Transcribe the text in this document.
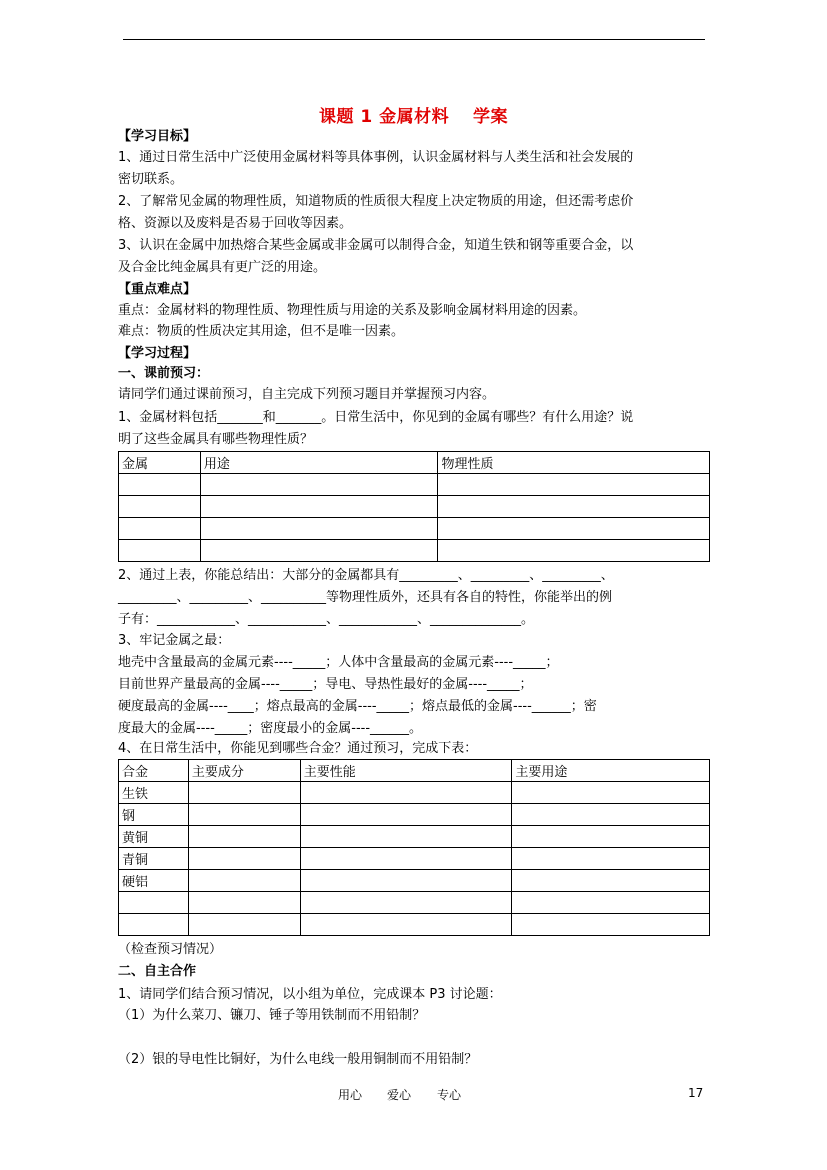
课题 1 金属材料　 学案
【学习目标】
1、通过日常生活中广泛使用金属材料等具体事例，认识金属材料与人类生活和社会发展的
密切联系。
2、了解常见金属的物理性质，知道物质的性质很大程度上决定物质的用途，但还需考虑价
格、资源以及废料是否易于回收等因素。
3、认识在金属中加热熔合某些金属或非金属可以制得合金，知道生铁和钢等重要合金，以
及合金比纯金属具有更广泛的用途。
【重点难点】
重点：金属材料的物理性质、物理性质与用途的关系及影响金属材料用途的因素。
难点：物质的性质决定其用途，但不是唯一因素。
【学习过程】
一、课前预习：
请同学们通过课前预习，自主完成下列预习题目并掌握预习内容。
1、金属材料包括_______和_______。日常生活中，你见到的金属有哪些？有什么用途？说
明了这些金属具有哪些物理性质？
金属	用途	物理性质

2、通过上表，你能总结出：大部分的金属都具有_________、_________、_________、
_________、_________、__________等物理性质外，还具有各自的特性，你能举出的例
子有：____________、____________、____________、______________。
3、牢记金属之最：
地壳中含量最高的金属元素----_____；人体中含量最高的金属元素----_____；
目前世界产量最高的金属----_____；导电、导热性最好的金属----_____；
硬度最高的金属----____；熔点最高的金属----_____；熔点最低的金属----______；密
度最大的金属----_____；密度最小的金属----______。
4、在日常生活中，你能见到哪些合金？通过预习，完成下表：
合金	主要成分	主要性能	主要用途
生铁			
钢			
黄铜			
青铜			
硬铝			

（检查预习情况）
二、自主合作
1、请同学们结合预习情况，以小组为单位，完成课本 P3 讨论题：
（1）为什么菜刀、镰刀、锤子等用铁制而不用铅制？
（2）银的导电性比铜好，为什么电线一般用铜制而不用铅制？
用心 爱心 专心	17
